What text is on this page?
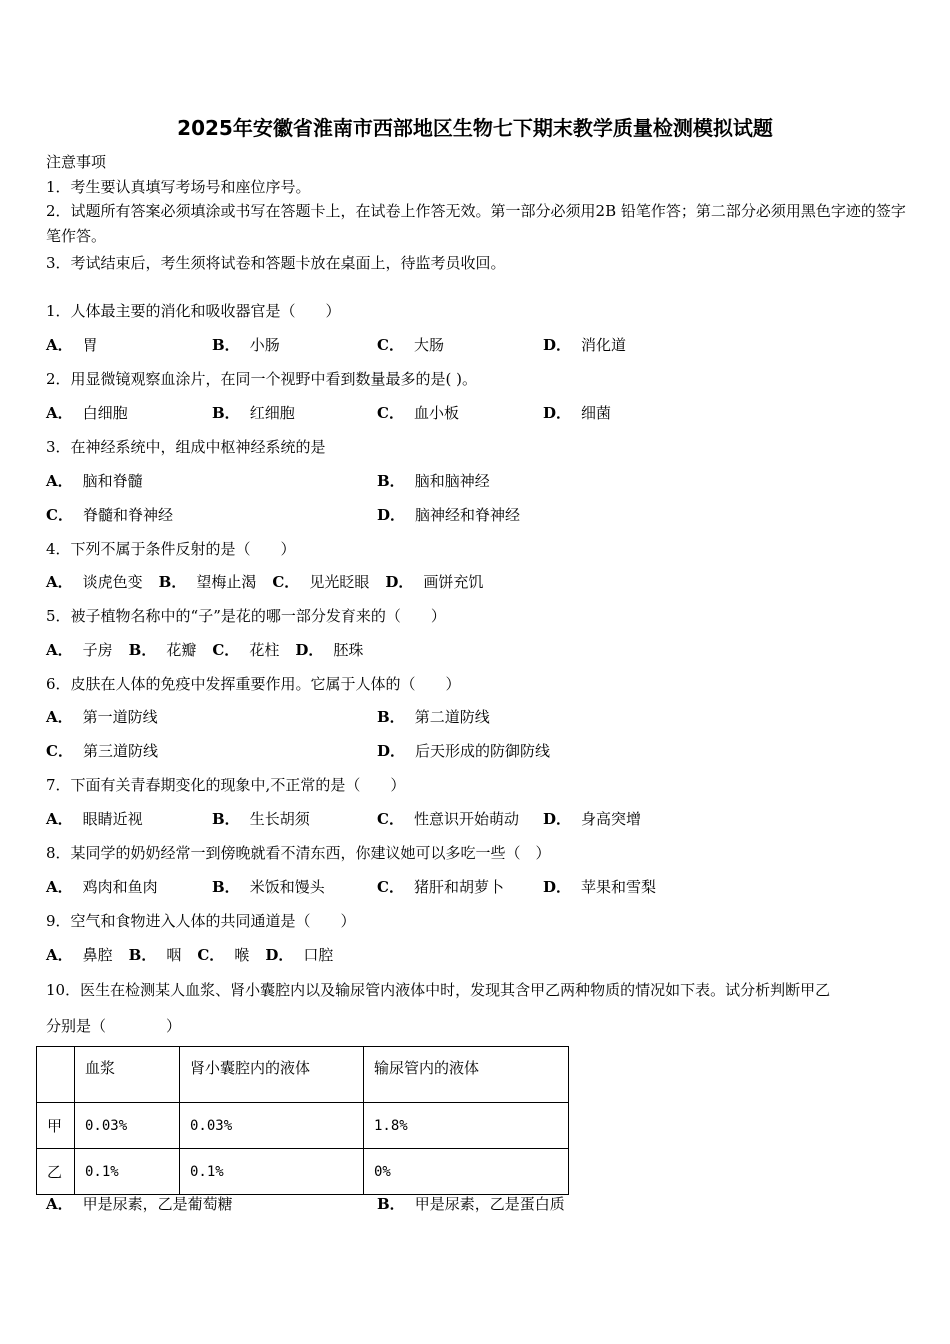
2025年安徽省淮南市西部地区生物七下期末教学质量检测模拟试题
注意事项
1．考生要认真填写考场号和座位序号。
2．试题所有答案必须填涂或书写在答题卡上，在试卷上作答无效。第一部分必须用2B 铅笔作答；第二部分必须用黑色字迹的签字笔作答。
3．考试结束后，考生须将试卷和答题卡放在桌面上，待监考员收回。
1．人体最主要的消化和吸收器官是（　　）
A． 胃	B． 小肠	C． 大肠	D． 消化道
2．用显微镜观察血涂片，在同一个视野中看到数量最多的是( )。
A． 白细胞	B． 红细胞	C． 血小板	D． 细菌
3．在神经系统中，组成中枢神经系统的是
A． 脑和脊髓	B． 脑和脑神经
C． 脊髓和脊神经	D． 脑神经和脊神经
4．下列不属于条件反射的是（　　）
A． 谈虎色变 B． 望梅止渴 C． 见光眨眼 D． 画饼充饥
5．被子植物名称中的“子”是花的哪一部分发育来的（　　）
A． 子房 B． 花瓣 C． 花柱 D． 胚珠
6．皮肤在人体的免疫中发挥重要作用。它属于人体的（　　）
A． 第一道防线	B． 第二道防线
C． 第三道防线	D． 后天形成的防御防线
7．下面有关青春期变化的现象中,不正常的是（　　）
A． 眼睛近视	B． 生长胡须	C． 性意识开始萌动 D． 身高突增
8．某同学的奶奶经常一到傍晚就看不清东西，你建议她可以多吃一些（　）
A． 鸡肉和鱼肉	B． 米饭和馒头	C． 猪肝和胡萝卜	D． 苹果和雪梨
9．空气和食物进入人体的共同通道是（　　）
A． 鼻腔 B． 咽 C． 喉 D． 口腔
10．医生在检测某人血浆、肾小囊腔内以及输尿管内液体中时，发现其含甲乙两种物质的情况如下表。试分析判断甲乙
分别是（　　　　）
	血浆	肾小囊腔内的液体	输尿管内的液体
甲	0.03%	0.03%	1.8%
乙	0.1%	0.1%	0%
A． 甲是尿素，乙是葡萄糖	B． 甲是尿素，乙是蛋白质
